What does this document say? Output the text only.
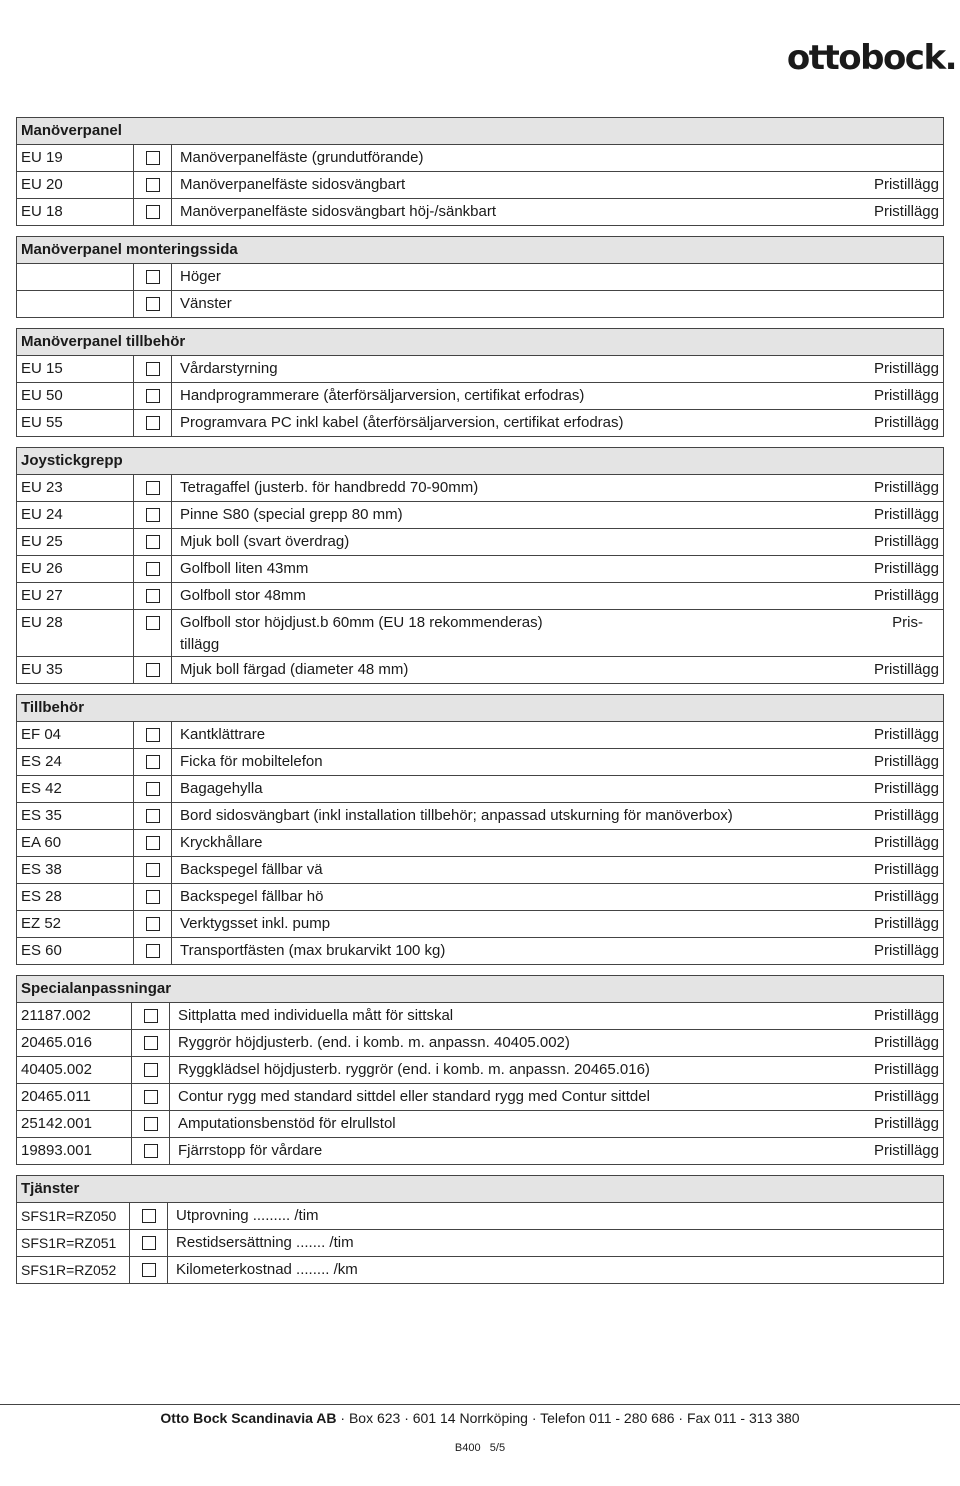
ottobock.
Manöverpanel
EU 19	Manöverpanelfäste (grundutförande)
EU 20	Manöverpanelfäste sidosvängbart	Pristillägg
EU 18	Manöverpanelfäste sidosvängbart höj-/sänkbart	Pristillägg
Manöverpanel monteringssida
Höger
Vänster
Manöverpanel tillbehör
EU 15	Vårdarstyrning	Pristillägg
EU 50	Handprogrammerare (återförsäljarversion, certifikat erfodras)	Pristillägg
EU 55	Programvara PC inkl kabel (återförsäljarversion, certifikat erfodras)	Pristillägg
Joystickgrepp
EU 23	Tetragaffel (justerb. för handbredd 70-90mm)	Pristillägg
EU 24	Pinne S80 (special grepp 80 mm)	Pristillägg
EU 25	Mjuk boll (svart överdrag)	Pristillägg
EU 26	Golfboll liten 43mm	Pristillägg
EU 27	Golfboll stor 48mm	Pristillägg
EU 28	Golfboll stor höjdjust.b 60mm (EU 18 rekommenderas)	Pris-
tillägg
EU 35	Mjuk boll färgad (diameter 48 mm)	Pristillägg
Tillbehör
EF 04	Kantklättrare	Pristillägg
ES 24	Ficka för mobiltelefon	Pristillägg
ES 42	Bagagehylla	Pristillägg
ES 35	Bord sidosvängbart (inkl installation tillbehör; anpassad utskurning för manöverbox)	Pristillägg
EA 60	Kryckhållare	Pristillägg
ES 38	Backspegel fällbar vä	Pristillägg
ES 28	Backspegel fällbar hö	Pristillägg
EZ 52	Verktygsset inkl. pump	Pristillägg
ES 60	Transportfästen (max brukarvikt 100 kg)	Pristillägg
Specialanpassningar
21187.002	Sittplatta med individuella mått för sittskal	Pristillägg
20465.016	Ryggrör höjdjusterb. (end. i komb. m. anpassn. 40405.002)	Pristillägg
40405.002	Ryggklädsel höjdjusterb. ryggrör (end. i komb. m. anpassn. 20465.016)	Pristillägg
20465.011	Contur rygg med standard sittdel eller standard rygg med Contur sittdel	Pristillägg
25142.001	Amputationsbenstöd för elrullstol	Pristillägg
19893.001	Fjärrstopp för vårdare	Pristillägg
Tjänster
SFS1R=RZ050	Utprovning ......... /tim
SFS1R=RZ051	Restidsersättning ....... /tim
SFS1R=RZ052	Kilometerkostnad ........ /km
Otto Bock Scandinavia AB · Box 623 · 601 14 Norrköping · Telefon 011 - 280 686 · Fax 011 - 313 380
B400 5/5
